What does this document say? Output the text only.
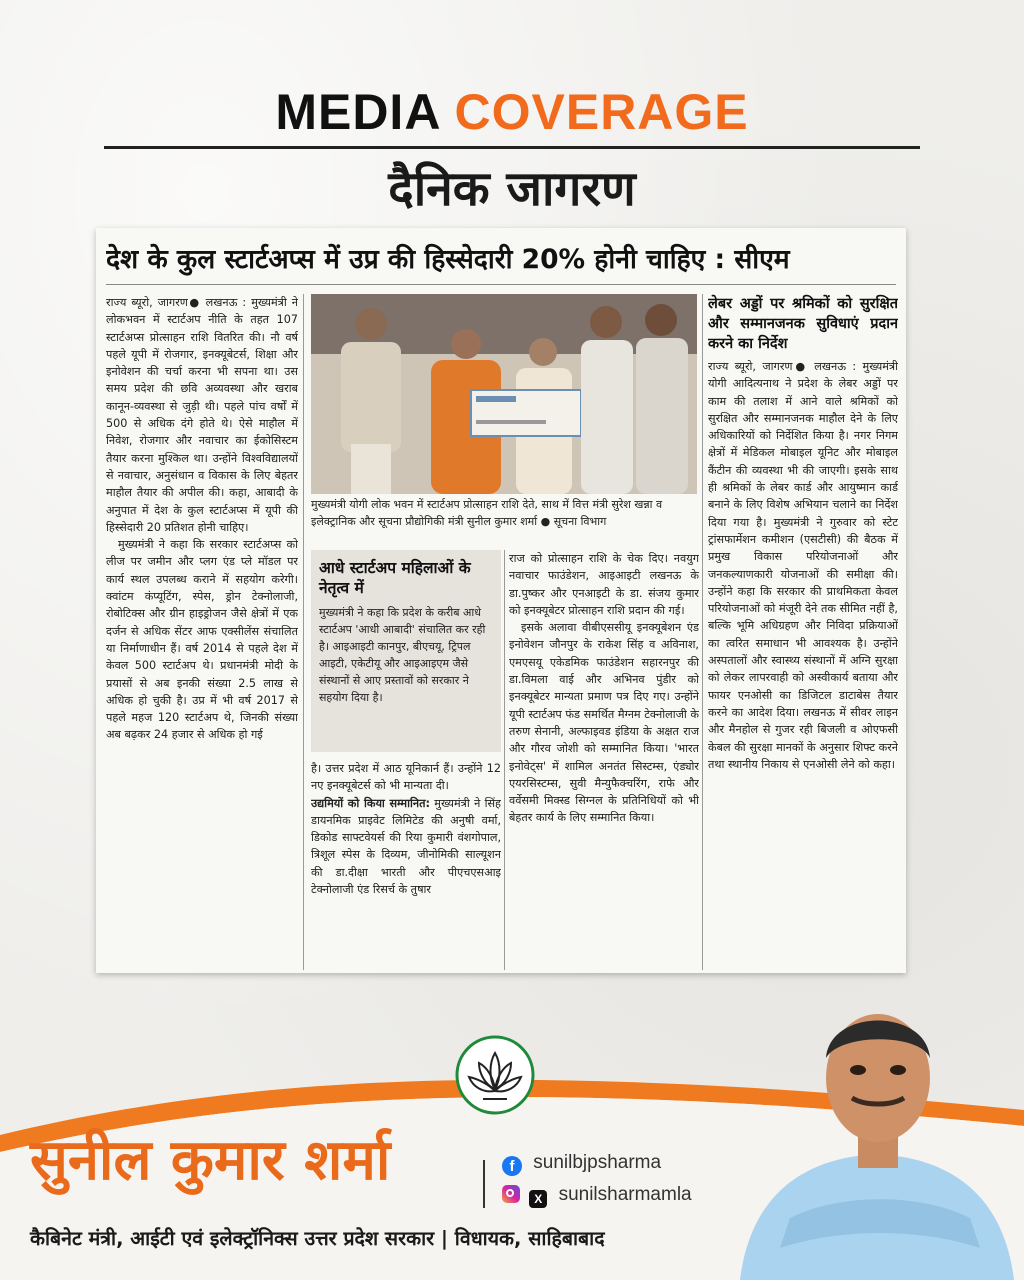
MEDIA COVERAGE
दैनिक जागरण
देश के कुल स्टार्टअप्स में उप्र की हिस्सेदारी 20% होनी चाहिए : सीएम

राज्य ब्यूरो, जागरण● लखनऊ : मुख्यमंत्री ने लोकभवन में स्टार्टअप नीति के तहत 107 स्टार्टअप्स प्रोत्साहन राशि वितरित की। नौ वर्ष पहले यूपी में रोजगार, इनक्यूबेटर्स, शिक्षा और इनोवेशन की चर्चा करना भी सपना था। उस समय प्रदेश की छवि अव्यवस्था और खराब कानून-व्यवस्था से जुड़ी थी। पहले पांच वर्षों में 500 से अधिक दंगे होते थे। ऐसे माहौल में निवेश, रोजगार और नवाचार का ईकोसिस्टम तैयार करना मुश्किल था। उन्होंने विश्वविद्यालयों से नवाचार, अनुसंधान व विकास के लिए बेहतर माहौल तैयार की अपील की। कहा, आबादी के अनुपात में देश के कुल स्टार्टअप्स में यूपी की हिस्सेदारी 20 प्रतिशत होनी चाहिए।

मुख्यमंत्री ने कहा कि सरकार स्टार्टअप्स को लीज पर जमीन और प्लग एंड प्ले मॉडल पर कार्य स्थल उपलब्ध कराने में सहयोग करेगी। क्वांटम कंप्यूटिंग, स्पेस, ड्रोन टेक्नोलाजी, रोबोटिक्स और ग्रीन हाइड्रोजन जैसे क्षेत्रों में एक दर्जन से अधिक सेंटर आफ एक्सीलेंस संचालित या निर्माणाधीन हैं। वर्ष 2014 से पहले देश में केवल 500 स्टार्टअप थे। प्रधानमंत्री मोदी के प्रयासों से अब इनकी संख्या 2.5 लाख से अधिक हो चुकी है। उप्र में भी वर्ष 2017 से पहले महज 120 स्टार्टअप थे, जिनकी संख्या अब बढ़कर 24 हजार से अधिक हो गई

मुख्यमंत्री योगी लोक भवन में स्टार्टअप प्रोत्साहन राशि देते, साथ में वित्त मंत्री सुरेश खन्ना व इलेक्ट्रानिक और सूचना प्रौद्योगिकी मंत्री सुनील कुमार शर्मा ● सूचना विभाग
आधे स्टार्टअप महिलाओं के नेतृत्व में
मुख्यमंत्री ने कहा कि प्रदेश के करीब आधे स्टार्टअप 'आधी आबादी' संचालित कर रही है। आइआइटी कानपुर, बीएचयू, ट्रिपल आइटी, एकेटीयू और आइआइएम जैसे संस्थानों से आए प्रस्तावों को सरकार ने सहयोग दिया है।

है। उत्तर प्रदेश में आठ यूनिकार्न हैं। उन्होंने 12 नए इनक्यूबेटर्स को भी मान्यता दी।

उद्यमियों को किया सम्मानित: मुख्यमंत्री ने सिंह डायनमिक प्राइवेट लिमिटेड की अनुषी वर्मा, डिकोड साफ्टवेयर्स की रिया कुमारी वंशगोपाल, त्रिशूल स्पेस के दिव्यम, जीनोमिकी साल्यूशन की डा.दीक्षा भारती और पीएचएसआइ टेक्नोलाजी एंड रिसर्च के तुषार

राज को प्रोत्साहन राशि के चेक दिए। नवयुग नवाचार फाउंडेशन, आइआइटी लखनऊ के डा.पुष्कर और एनआइटी के डा. संजय कुमार को इनक्यूबेटर प्रोत्साहन राशि प्रदान की गई।

इसके अलावा वीबीएससीयू इनक्यूबेशन एंड इनोवेशन जौनपुर के राकेश सिंह व अविनाश, एमएसयू एकेडमिक फाउंडेशन सहारनपुर की डा.विमला वाई और अभिनव पुंडीर को इनक्यूबेटर मान्यता प्रमाण पत्र दिए गए। उन्होंने यूपी स्टार्टअप फंड समर्थित मैग्नम टेक्नोलाजी के तरुण सेनानी, अल्फाइवड इंडिया के अक्षत राज और गौरव जोशी को सम्मानित किया। 'भारत इनोवेट्स' में शामिल अनतंत सिस्टम्स, एंड्योर एयरसिस्टम्स, सुवी मैन्युफैक्चरिंग, राफे और वर्वेसमी मिक्स्ड सिग्नल के प्रतिनिधियों को भी बेहतर कार्य के लिए सम्मानित किया।

लेबर अड्डों पर श्रमिकों को सुरक्षित और सम्मानजनक सुविधाएं प्रदान करने का निर्देश

राज्य ब्यूरो, जागरण● लखनऊ : मुख्यमंत्री योगी आदित्यनाथ ने प्रदेश के लेबर अड्डों पर काम की तलाश में आने वाले श्रमिकों को सुरक्षित और सम्मानजनक माहौल देने के लिए अधिकारियों को निर्देशित किया है। नगर निगम क्षेत्रों में मेडिकल मोबाइल यूनिट और मोबाइल कैंटीन की व्यवस्था भी की जाएगी। इसके साथ ही श्रमिकों के लेबर कार्ड और आयुष्मान कार्ड बनाने के लिए विशेष अभियान चलाने का निर्देश दिया गया है। मुख्यमंत्री ने गुरुवार को स्टेट ट्रांसफार्मेशन कमीशन (एसटीसी) की बैठक में प्रमुख विकास परियोजनाओं और जनकल्याणकारी योजनाओं की समीक्षा की। उन्होंने कहा कि सरकार की प्राथमिकता केवल परियोजनाओं को मंजूरी देने तक सीमित नहीं है, बल्कि भूमि अधिग्रहण और निविदा प्रक्रियाओं का त्वरित समाधान भी आवश्यक है। उन्होंने अस्पतालों और स्वास्थ्य संस्थानों में अग्नि सुरक्षा को लेकर लापरवाही को अस्वीकार्य बताया और फायर एनओसी का डिजिटल डाटाबेस तैयार करने का आदेश दिया। लखनऊ में सीवर लाइन और मैनहोल से गुजर रही बिजली व ओएफसी केबल की सुरक्षा मानकों के अनुसार शिफ्ट करने तथा स्थानीय निकाय से एनओसी लेने को कहा।

सुनील कुमार शर्मा	f sunilbjpsharma
X sunilsharmamla
कैबिनेट मंत्री, आईटी एवं इलेक्ट्रॉनिक्स उत्तर प्रदेश सरकार | विधायक, साहिबाबाद
